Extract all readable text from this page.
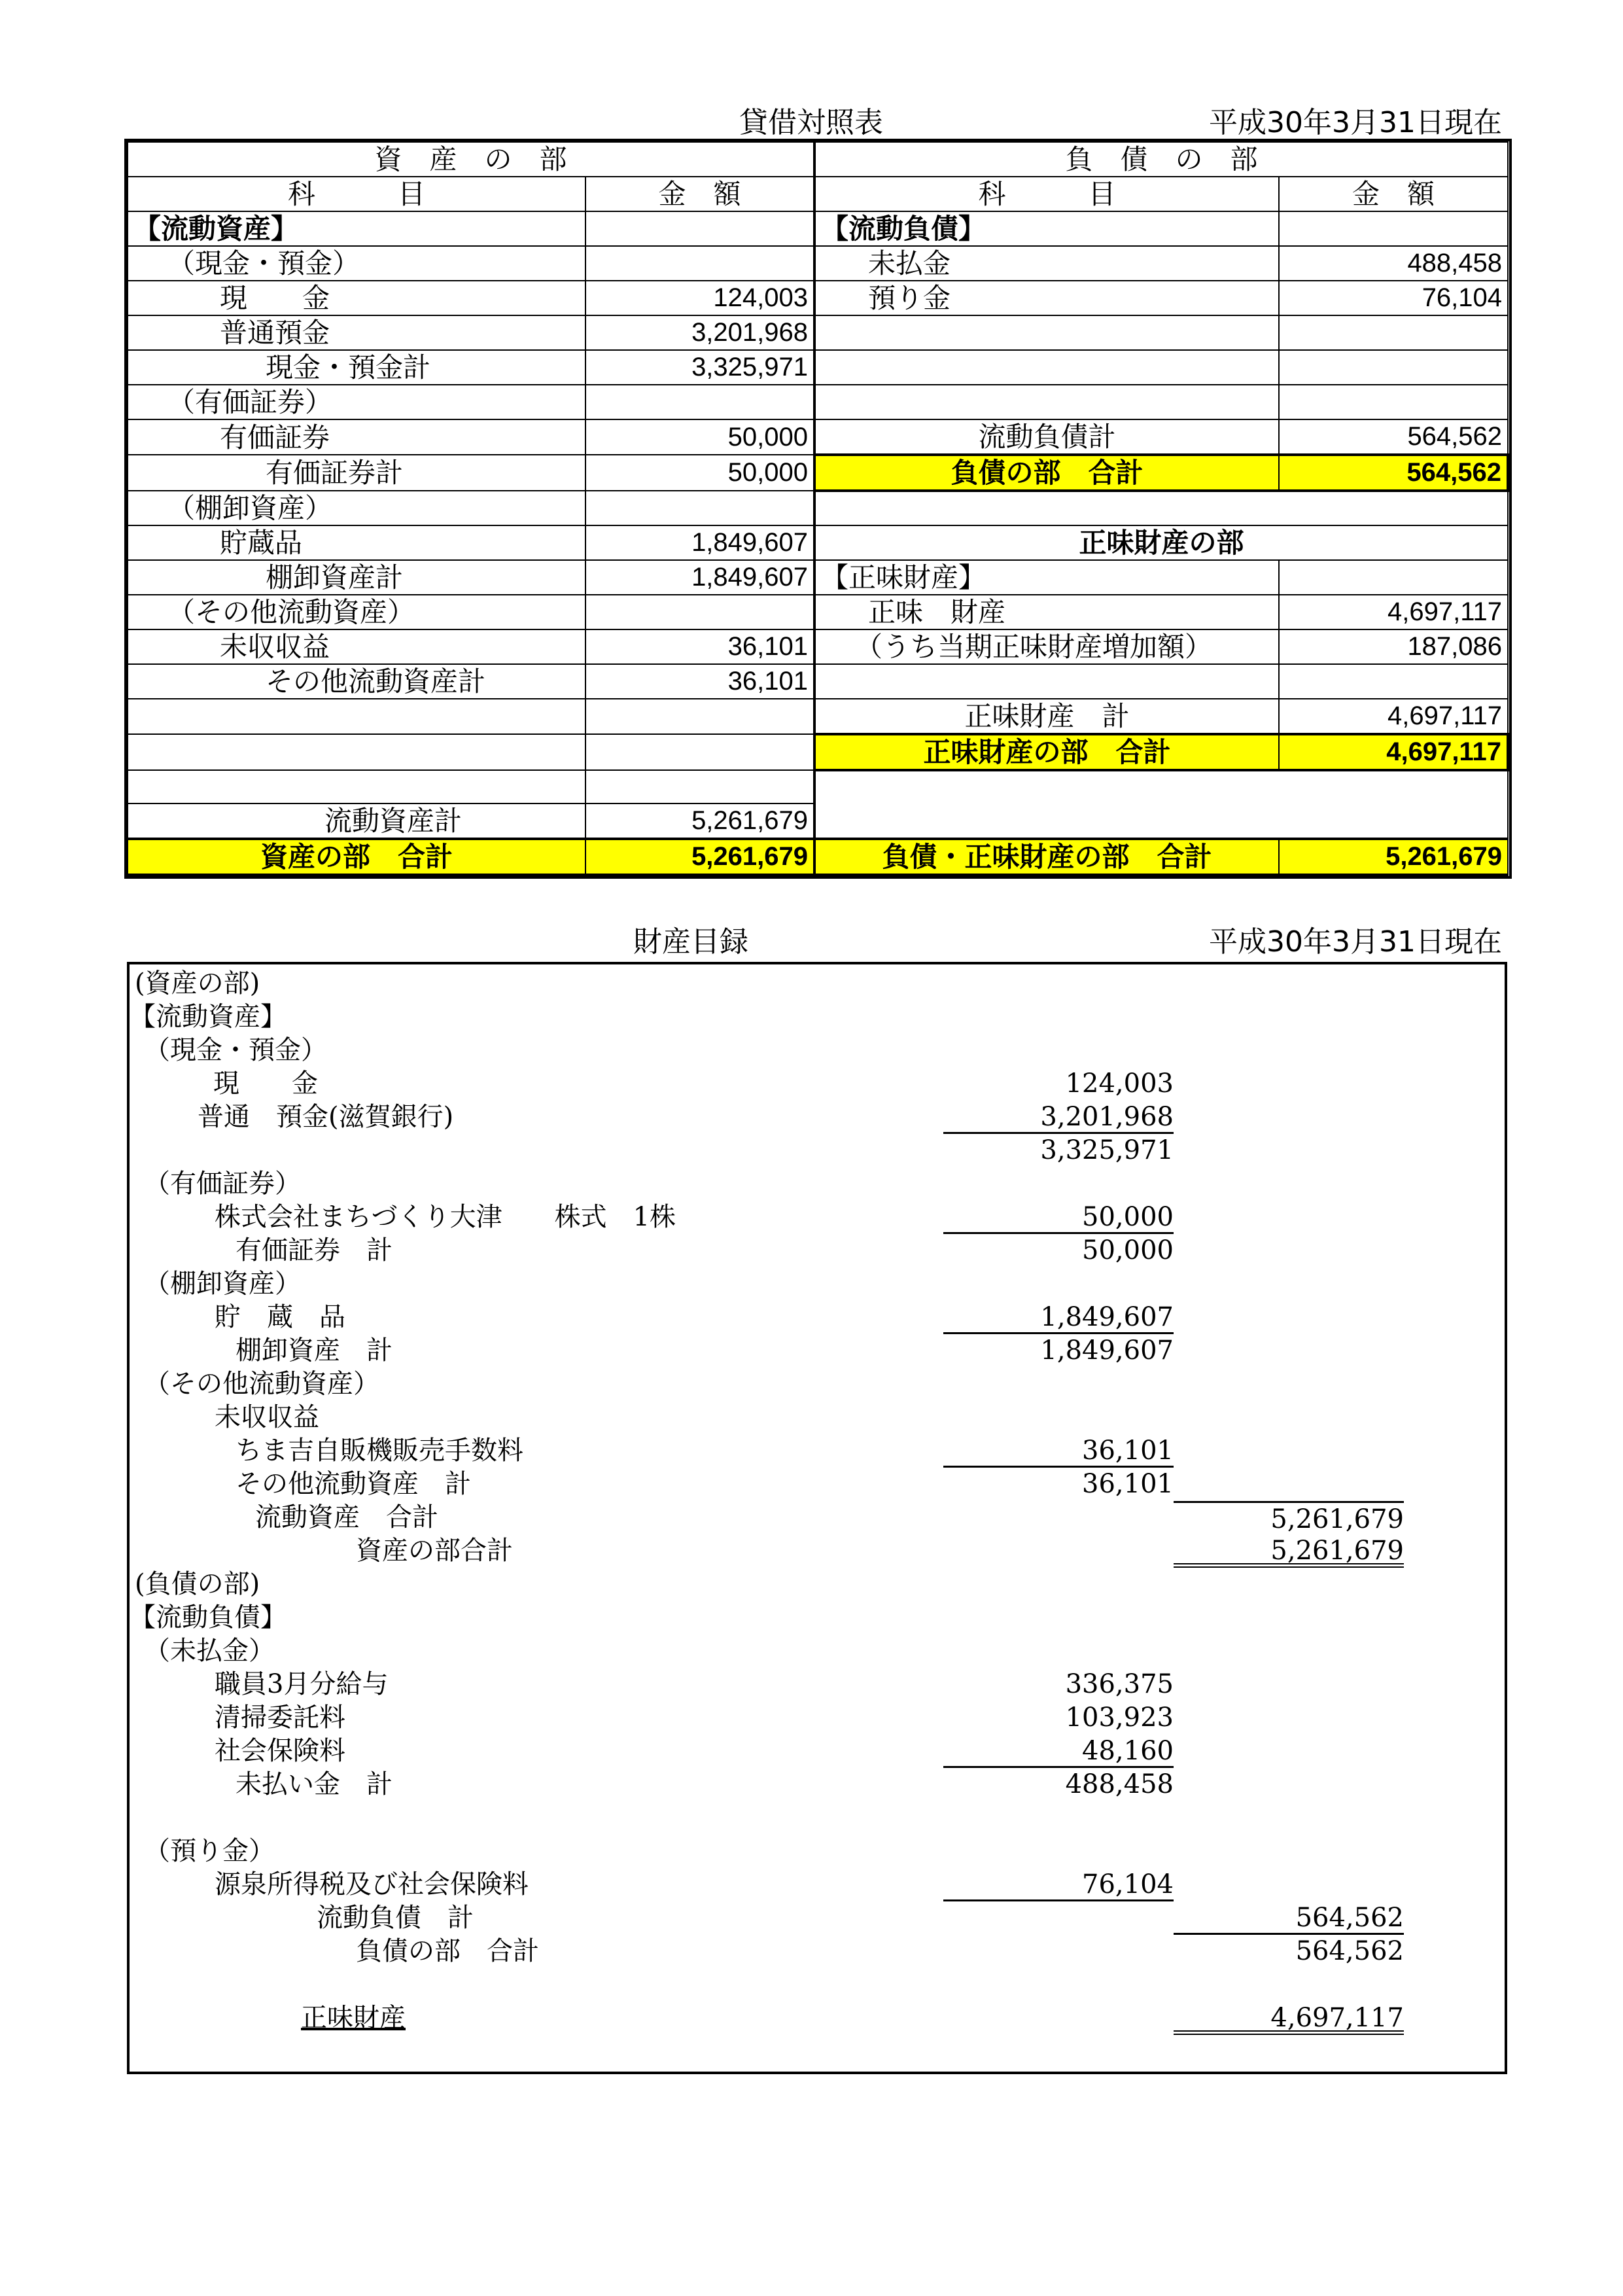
貸借対照表	平成30年3月31日現在
資　産　の　部		負　債　の　部	
科　　　目	金　額	科　　　目	金　額
【流動資産】		【流動負債】	
（現金・預金）		未払金	488,458
現　　金	124,003	預り金	76,104
普通預金	3,201,968		
現金・預金計	3,325,971		
（有価証券）			
有価証券	50,000	流動負債計	564,562
有価証券計	50,000	負債の部　合計	564,562
（棚卸資産）			
貯蔵品	1,849,607	正味財産の部	
棚卸資産計	1,849,607	【正味財産】	
（その他流動資産）		正味　財産	4,697,117
未収収益	36,101	（うち当期正味財産増加額）	187,086
その他流動資産計	36,101		
		正味財産　計	4,697,117
		正味財産の部　合計	4,697,117

流動資産計	5,261,679		
資産の部　合計	5,261,679	負債・正味財産の部　合計	5,261,679
財産目録	平成30年3月31日現在
(資産の部)
【流動資産】
（現金・預金）
現　　金	124,003
普通　預金(滋賀銀行)	3,201,968
3,325,971
（有価証券）
株式会社まちづくり大津　　株式　1株	50,000
有価証券　計	50,000
（棚卸資産）
貯　蔵　品	1,849,607
棚卸資産　計	1,849,607
（その他流動資産）
未収収益
ちま吉自販機販売手数料	36,101
その他流動資産　計	36,101
流動資産　合計	5,261,679
資産の部合計	5,261,679
(負債の部)
【流動負債】
（未払金）
職員3月分給与	336,375
清掃委託料	103,923
社会保険料	48,160
未払い金　計	488,458
（預り金）
源泉所得税及び社会保険料	76,104
流動負債　計	564,562
負債の部　合計	564,562
正味財産	4,697,117
